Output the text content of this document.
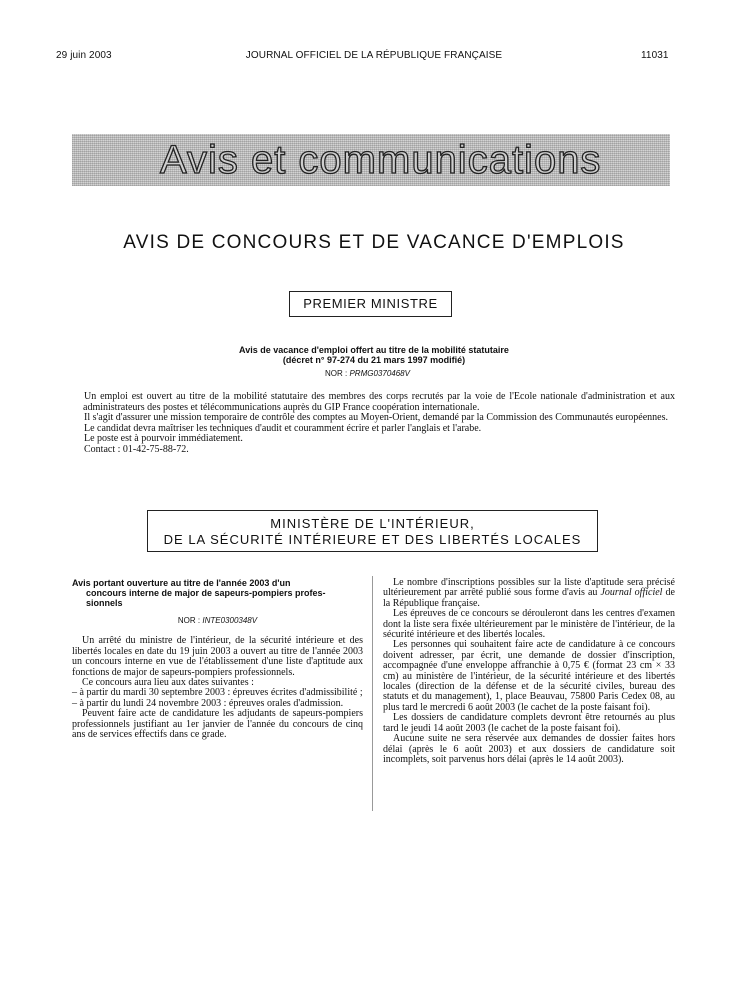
29 juin 2003	JOURNAL OFFICIEL DE LA RÉPUBLIQUE FRANÇAISE	11031
Avis et communications
AVIS DE CONCOURS ET DE VACANCE D'EMPLOIS
PREMIER MINISTRE
Avis de vacance d'emploi offert au titre de la mobilité statutaire
(décret n° 97-274 du 21 mars 1997 modifié)
NOR : PRMG0370468V

Un emploi est ouvert au titre de la mobilité statutaire des membres des corps recrutés par la voie de l'Ecole nationale d'administration et aux administrateurs des postes et télécommunications auprès du GIP France coopération internationale.

Il s'agit d'assurer une mission temporaire de contrôle des comptes au Moyen-Orient, demandé par la Commission des Communautés européennes.

Le candidat devra maîtriser les techniques d'audit et couramment écrire et parler l'anglais et l'arabe.

Le poste est à pourvoir immédiatement.

Contact : 01-42-75-88-72.

MINISTÈRE DE L'INTÉRIEUR,
DE LA SÉCURITÉ INTÉRIEURE ET DES LIBERTÉS LOCALES

Avis portant ouverture au titre de l'année 2003 d'un
concours interne de major de sapeurs-pompiers profes-
sionnels

NOR : INTE0300348V

Un arrêté du ministre de l'intérieur, de la sécurité intérieure et des libertés locales en date du 19 juin 2003 a ouvert au titre de l'année 2003 un concours interne en vue de l'établissement d'une liste d'aptitude aux fonctions de major de sapeurs-pompiers professionnels.

Ce concours aura lieu aux dates suivantes :

– à partir du mardi 30 septembre 2003 : épreuves écrites d'admissibilité ;

– à partir du lundi 24 novembre 2003 : épreuves orales d'admission.

Peuvent faire acte de candidature les adjudants de sapeurs-pompiers professionnels justifiant au 1er janvier de l'année du concours de cinq ans de services effectifs dans ce grade.

Le nombre d'inscriptions possibles sur la liste d'aptitude sera précisé ultérieurement par arrêté publié sous forme d'avis au Journal officiel de la République française.

Les épreuves de ce concours se dérouleront dans les centres d'examen dont la liste sera fixée ultérieurement par le ministère de l'intérieur, de la sécurité intérieure et des libertés locales.

Les personnes qui souhaitent faire acte de candidature à ce concours doivent adresser, par écrit, une demande de dossier d'inscription, accompagnée d'une enveloppe affranchie à 0,75 € (format 23 cm × 33 cm) au ministère de l'intérieur, de la sécurité intérieure et des libertés locales (direction de la défense et de la sécurité civiles, bureau des statuts et du management), 1, place Beauvau, 75800 Paris Cedex 08, au plus tard le mercredi 6 août 2003 (le cachet de la poste faisant foi).

Les dossiers de candidature complets devront être retournés au plus tard le jeudi 14 août 2003 (le cachet de la poste faisant foi).

Aucune suite ne sera réservée aux demandes de dossier faites hors délai (après le 6 août 2003) et aux dossiers de candidature soit incomplets, soit parvenus hors délai (après le 14 août 2003).
